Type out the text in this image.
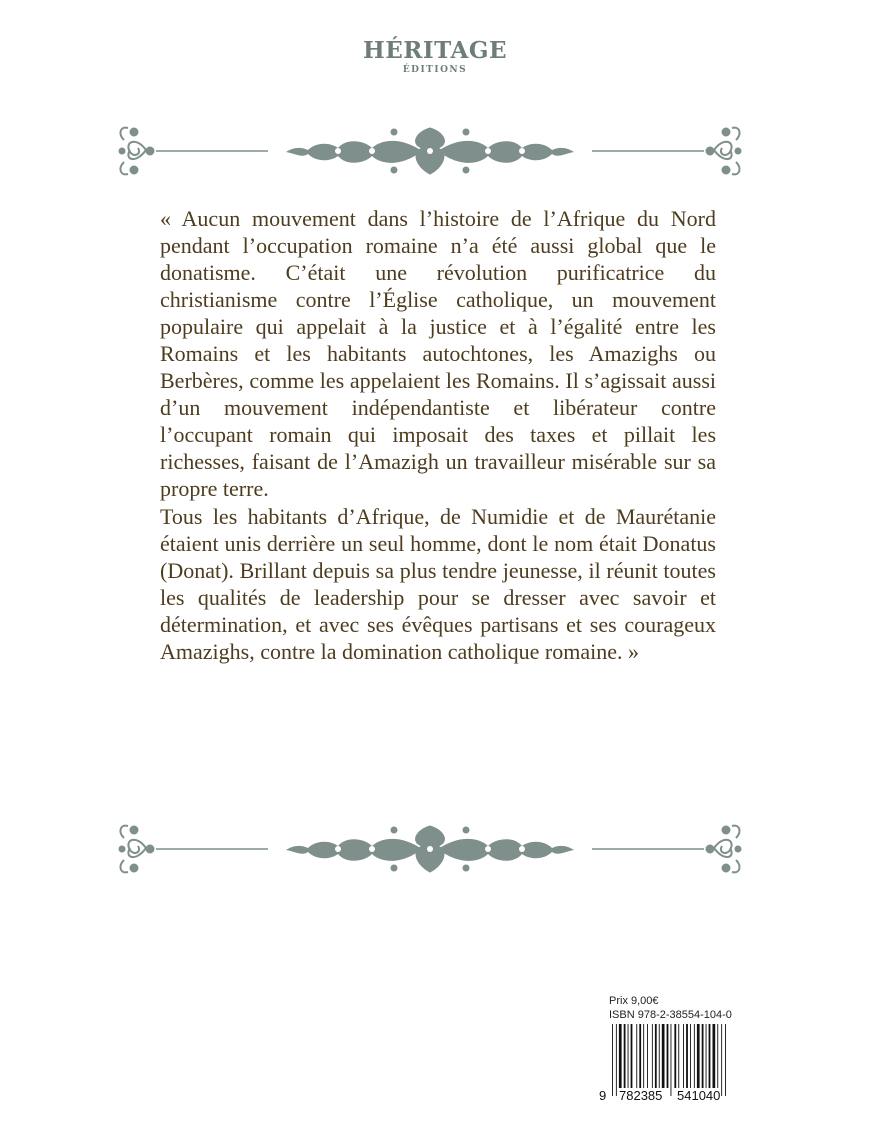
HÉRITAGE
ÉDITIONS

« Aucun mouvement dans l’histoire de l’Afrique du Nord pendant l’occupation romaine n’a été aussi global que le donatisme. C’était une révolution purificatrice du christianisme contre l’Église catholique, un mouvement populaire qui appelait à la justice et à l’égalité entre les Romains et les habitants autochtones, les Amazighs ou Berbères, comme les appelaient les Romains. Il s’agissait aussi d’un mouvement indépendantiste et libérateur contre l’occupant romain qui imposait des taxes et pillait les richesses, faisant de l’Amazigh un travailleur misérable sur sa propre terre.

Tous les habitants d’Afrique, de Numidie et de Maurétanie étaient unis derrière un seul homme, dont le nom était Donatus (Donat). Brillant depuis sa plus tendre jeunesse, il réunit toutes les qualités de leadership pour se dresser avec savoir et détermination, et avec ses évêques partisans et ses courageux Amazighs, contre la domination catholique romaine. »

Prix 9,00€
ISBN 978-2-38554-104-0
9 782385 541040
